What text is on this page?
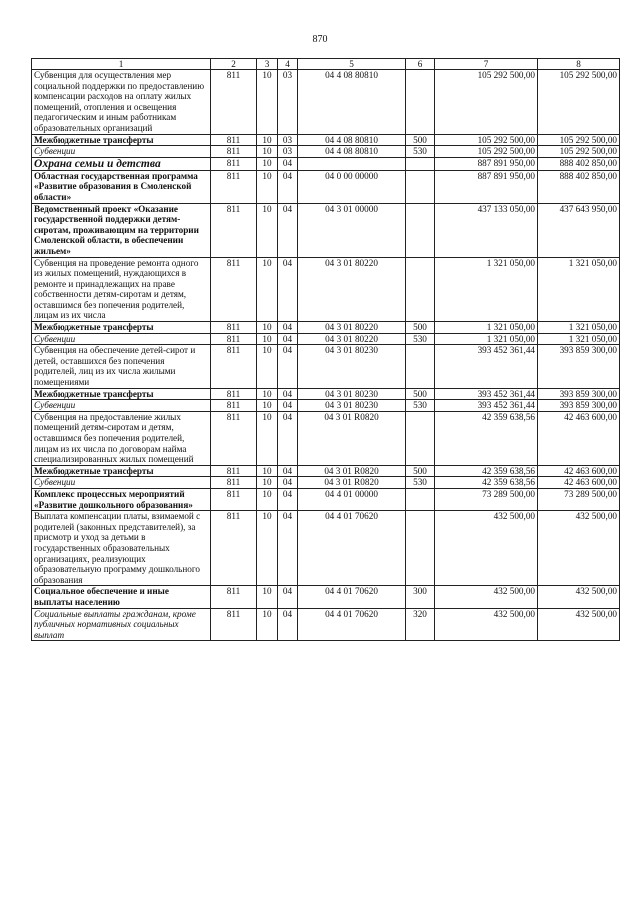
870
1	2	3	4	5	6	7	8
Субвенция для осуществления мер социальной поддержки по предоставлению компенсации расходов на оплату жилых помещений, отопления и освещения педагогическим и иным работникам образовательных организаций	811	10	03	04 4 08 80810		105 292 500,00	105 292 500,00
Межбюджетные трансферты	811	10	03	04 4 08 80810	500	105 292 500,00	105 292 500,00
Субвенции	811	10	03	04 4 08 80810	530	105 292 500,00	105 292 500,00
Охрана семьи и детства	811	10	04			887 891 950,00	888 402 850,00
Областная государственная программа «Развитие образования в Смоленской области»	811	10	04	04 0 00 00000		887 891 950,00	888 402 850,00
Ведомственный проект «Оказание государственной поддержки детям-сиротам, проживающим на территории Смоленской области, в обеспечении жильем»	811	10	04	04 3 01 00000		437 133 050,00	437 643 950,00
Субвенция на проведение ремонта одного из жилых помещений, нуждающихся в ремонте и принадлежащих на праве собственности детям-сиротам и детям, оставшимся без попечения родителей, лицам из их числа	811	10	04	04 3 01 80220		1 321 050,00	1 321 050,00
Межбюджетные трансферты	811	10	04	04 3 01 80220	500	1 321 050,00	1 321 050,00
Субвенции	811	10	04	04 3 01 80220	530	1 321 050,00	1 321 050,00
Субвенция на обеспечение детей-сирот и детей, оставшихся без попечения родителей, лиц из их числа жилыми помещениями	811	10	04	04 3 01 80230		393 452 361,44	393 859 300,00
Межбюджетные трансферты	811	10	04	04 3 01 80230	500	393 452 361,44	393 859 300,00
Субвенции	811	10	04	04 3 01 80230	530	393 452 361,44	393 859 300,00
Субвенция на предоставление жилых помещений детям-сиротам и детям, оставшимся без попечения родителей, лицам из их числа по договорам найма специализированных жилых помещений	811	10	04	04 3 01 R0820		42 359 638,56	42 463 600,00
Межбюджетные трансферты	811	10	04	04 3 01 R0820	500	42 359 638,56	42 463 600,00
Субвенции	811	10	04	04 3 01 R0820	530	42 359 638,56	42 463 600,00
Комплекс процессных мероприятий «Развитие дошкольного образования»	811	10	04	04 4 01 00000		73 289 500,00	73 289 500,00
Выплата компенсации платы, взимаемой с родителей (законных представителей), за присмотр и уход за детьми в государственных образовательных организациях, реализующих образовательную программу дошкольного образования	811	10	04	04 4 01 70620		432 500,00	432 500,00
Социальное обеспечение и иные выплаты населению	811	10	04	04 4 01 70620	300	432 500,00	432 500,00
Социальные выплаты гражданам, кроме публичных нормативных социальных выплат	811	10	04	04 4 01 70620	320	432 500,00	432 500,00
